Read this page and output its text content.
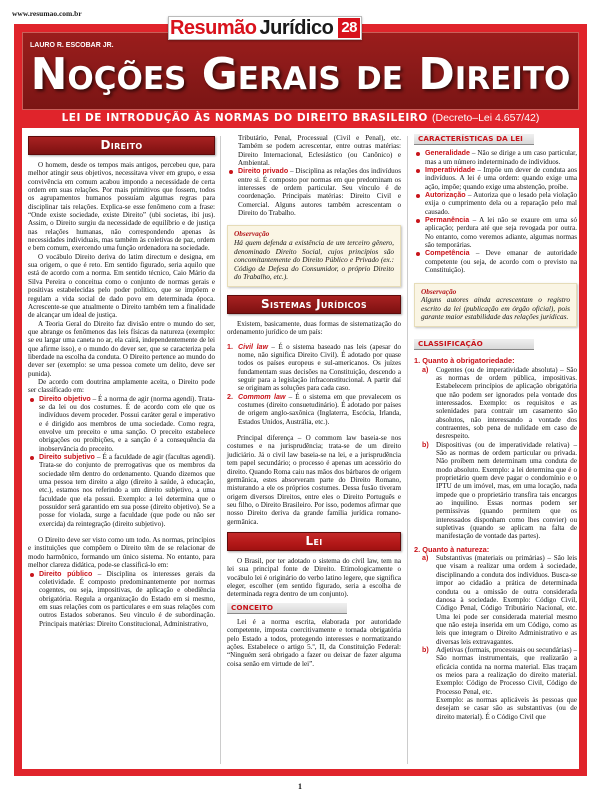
www.resumao.com.br
Resumão Jurídico 28
LAURO R. ESCOBAR JR.
Noções Gerais de Direito
LEI DE INTRODUÇÃO ÀS NORMAS DO DIREITO BRASILEIRO (Decreto–Lei 4.657/42)
Direito

O homem, desde os tempos mais antigos, percebeu que, para melhor atingir seus objetivos, necessitava viver em grupo, e essa convivência em comum acabou impondo a necessidade de certa ordem em suas relações. Por mais primitivos que fossem, todos os agrupamentos humanos possuíam algumas regras para disciplinar tais relações. Explica-se esse fenômeno com a frase: “Onde existe sociedade, existe Direito” (ubi societas, ibi jus). Assim, o Direito surgiu da necessidade de equilíbrio e de justiça nas relações humanas, não correspondendo apenas às necessidades individuais, mas também às coletivas de paz, ordem e bem comum, exercendo uma função ordenadora na sociedade.

O vocábulo Direito deriva do latim directum e designa, em sua origem, o que é reto. Em sentido figurado, seria aquilo que está de acordo com a norma. Em sentido técnico, Caio Mário da Silva Pereira o conceitua como o conjunto de normas gerais e positivas estabelecidas pelo poder político, que se impõem e regulam a vida social de dado povo em determinada época. Acrescente-se que atualmente o Direito também tem a finalidade de alcançar um ideal de justiça.

A Teoria Geral do Direito faz divisão entre o mundo do ser, que abrange os fenômenos das leis físicas da natureza (exemplo: se eu largar uma caneta no ar, ela cairá, independentemente de lei que afirme isso), e o mundo do dever ser, que se caracteriza pela liberdade na escolha da conduta. O Direito pertence ao mundo do dever ser (exemplo: se uma pessoa comete um delito, deve ser punida).

De acordo com doutrina amplamente aceita, o Direito pode ser classificado em:

Direito objetivo – É a norma de agir (norma agendi). Trata-se da lei ou dos costumes. É de acordo com ele que os indivíduos devem proceder. Possui caráter geral e imperativo e é dirigido aos membros de uma sociedade. Como regra, envolve um preceito e uma sanção. O preceito estabelece obrigações ou proibições, e a sanção é a consequência da inobservância do preceito.
Direito subjetivo – É a faculdade de agir (facultas agendi). Trata-se do conjunto de prerrogativas que os membros da sociedade têm dentro do ordenamento. Quando dizemos que uma pessoa tem direito a algo (direito à saúde, à educação, etc.), estamos nos referindo a um direito subjetivo, a uma faculdade que ela possui. Exemplo: a lei determina que o possuidor será garantido em sua posse (direito objetivo). Se a posse for violada, surge a faculdade (que pode ou não ser exercida) da reintegração (direito subjetivo).

O Direito deve ser visto como um todo. As normas, princípios e instituições que compõem o Direito têm de se relacionar de modo harmônico, formando um único sistema. No entanto, para melhor clareza didática, pode-se classificá-lo em:

Direito público – Disciplina os interesses gerais da coletividade. É composto predominantemente por normas cogentes, ou seja, impositivas, de aplicação e obediência obrigatória. Regula a organização do Estado em si mesmo, em suas relações com os particulares e em suas relações com outros Estados soberanos. Seu vínculo é de subordinação. Principais matérias: Direito Constitucional, Administrativo,
Tributário, Penal, Processual (Civil e Penal), etc. Também se podem acrescentar, entre outras matérias: Direito Internacional, Eclesiástico (ou Canônico) e Ambiental.
Direito privado – Disciplina as relações dos indivíduos entre si. É composto por normas em que predominam os interesses de ordem particular. Seu vínculo é de coordenação. Principais matérias: Direito Civil e Comercial. Alguns autores também acrescentam o Direito do Trabalho.
Observação
Há quem defenda a existência de um terceiro gênero, denominado Direito Social, cujos princípios são concomitantemente do Direito Público e Privado (ex.: Código de Defesa do Consumidor, o próprio Direito do Trabalho, etc.).
Sistemas Jurídicos

Existem, basicamente, duas formas de sistematização do ordenamento jurídico de um país:

1. Civil law – É o sistema baseado nas leis (apesar do nome, não significa Direito Civil). É adotado por quase todos os países europeus e sul-americanos. Os juízes fundamentam suas decisões na Constituição, descendo a seguir para a legislação infraconstitucional. A partir daí se originam as soluções para cada caso.
2. Commom law – É o sistema em que prevalecem os costumes (direito consuetudinário). É adotado por países de origem anglo-saxônica (Inglaterra, Escócia, Irlanda, Estados Unidos, Austrália, etc.).

Principal diferença – O commom law baseia-se nos costumes e na jurisprudência; trata-se de um direito judiciário. Já o civil law baseia-se na lei, e a jurisprudência tem papel secundário; o processo é apenas um acessório do direito. Quando Roma caiu nas mãos dos bárbaros de origem germânica, estes absorveram parte do Direito Romano, misturando a ele os próprios costumes. Dessa fusão tiveram origem diversos Direitos, entre eles o Direito Português e seu filho, o Direito Brasileiro. Por isso, podemos afirmar que nosso Direito deriva da grande família jurídica romano-germânica.

Lei

O Brasil, por ter adotado o sistema do civil law, tem na lei sua principal fonte de Direito. Etimologicamente o vocábulo lei é originário do verbo latino legere, que significa eleger, escolher (em sentido figurado, seria a escolha de determinada regra dentro de um conjunto).

CONCEITO

Lei é a norma escrita, elaborada por autoridade competente, imposta coercitivamente e tornada obrigatória pelo Estado a todos, protegendo interesses e normatizando ações. Estabelece o artigo 5.º, II, da Constituição Federal: “Ninguém será obrigado a fazer ou deixar de fazer alguma coisa senão em virtude de lei”.

CARACTERÍSTICAS DA LEI
Generalidade – Não se dirige a um caso particular, mas a um número indeterminado de indivíduos.
Imperatividade – Impõe um dever de conduta aos indivíduos. A lei é uma ordem: quando exige uma ação, impõe; quando exige uma abstenção, proíbe.
Autorização – Autoriza que o lesado pela violação exija o cumprimento dela ou a reparação pelo mal causado.
Permanência – A lei não se exaure em uma só aplicação; perdura até que seja revogada por outra. No entanto, como veremos adiante, algumas normas são temporárias.
Competência – Deve emanar de autoridade competente (ou seja, de acordo com o previsto na Constituição).
Observação
Alguns autores ainda acrescentam o registro escrito da lei (publicação em órgão oficial), pois garante maior estabilidade das relações jurídicas.
CLASSIFICAÇÃO
1. Quanto à obrigatoriedade:
a) Cogentes (ou de imperatividade absoluta) – São as normas de ordem pública, impositivas. Estabelecem princípios de aplicação obrigatória que não podem ser ignorados pela vontade dos interessados. Exemplo: os requisitos e as solenidades para contrair um casamento são absolutos, não interessando a vontade dos contraentes, sob pena de nulidade em caso de desrespeito.
b) Dispositivas (ou de imperatividade relativa) – São as normas de ordem particular ou privada. Não proíbem nem determinam uma conduta de modo absoluto. Exemplo: a lei determina que é o proprietário quem deve pagar o condomínio e o IPTU de um imóvel, mas, em uma locação, nada impede que o proprietário transfira tais encargos ao inquilino. Essas normas podem ser permissivas (quando permitem que os interessados disponham como lhes convier) ou supletivas (quando se aplicam na falta de manifestação de vontade das partes).
2. Quanto à natureza:
a) Substantivas (materiais ou primárias) – São leis que visam a realizar uma ordem à sociedade, disciplinando a conduta dos indivíduos. Busca-se impor ao cidadão a prática de determinada conduta ou a omissão de outra considerada danosa à sociedade. Exemplo: Código Civil, Código Penal, Código Tributário Nacional, etc. Uma lei pode ser considerada material mesmo que não esteja inserida em um Código, como as leis que integram o Direito Administrativo e as diversas leis extravagantes.
b) Adjetivas (formais, processuais ou secundárias) – São normas instrumentais, que realizarão a eficácia contida na norma material. Elas traçam os meios para a realização do direito material. Exemplo: Código de Processo Civil, Código de Processo Penal, etc.
Exemplo: as normas aplicáveis às pessoas que desejam se casar são as substantivas (ou de direito material). É o Código Civil que
1
